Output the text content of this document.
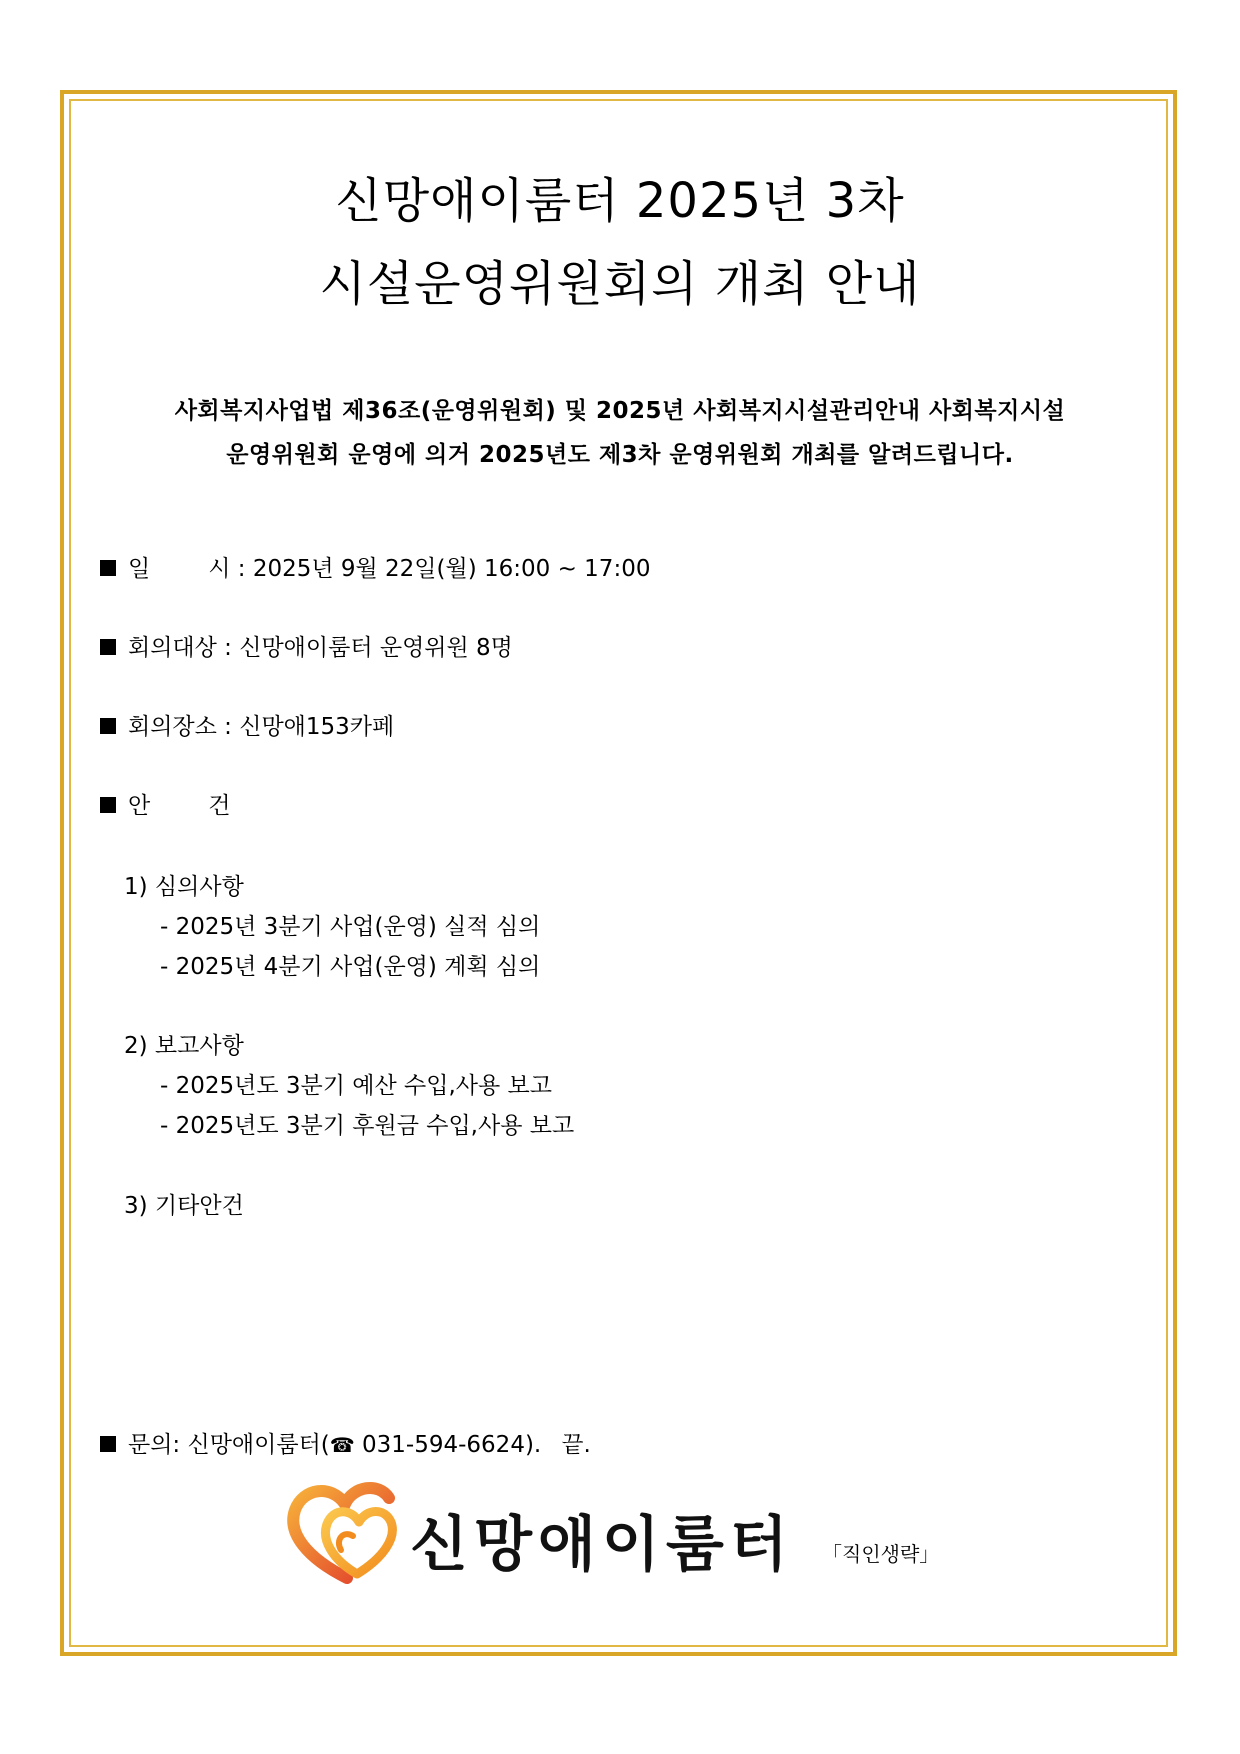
신망애이룸터 2025년 3차
시설운영위원회의 개최 안내
사회복지사업법 제36조(운영위원회) 및 2025년 사회복지시설관리안내 사회복지시설
운영위원회 운영에 의거 2025년도 제3차 운영위원회 개최를 알려드립니다.
일	시 : 2025년 9월 22일(월) 16:00 ~ 17:00
회의대상 : 신망애이룸터 운영위원 8명
회의장소 : 신망애153카페
안	건
1) 심의사항
- 2025년 3분기 사업(운영) 실적 심의
- 2025년 4분기 사업(운영) 계획 심의
2) 보고사항
- 2025년도 3분기 예산 수입,사용 보고
- 2025년도 3분기 후원금 수입,사용 보고
3) 기타안건
문의: 신망애이룸터(☎ 031-594-6624). 끝.
신망애이룸터 「직인생략」
